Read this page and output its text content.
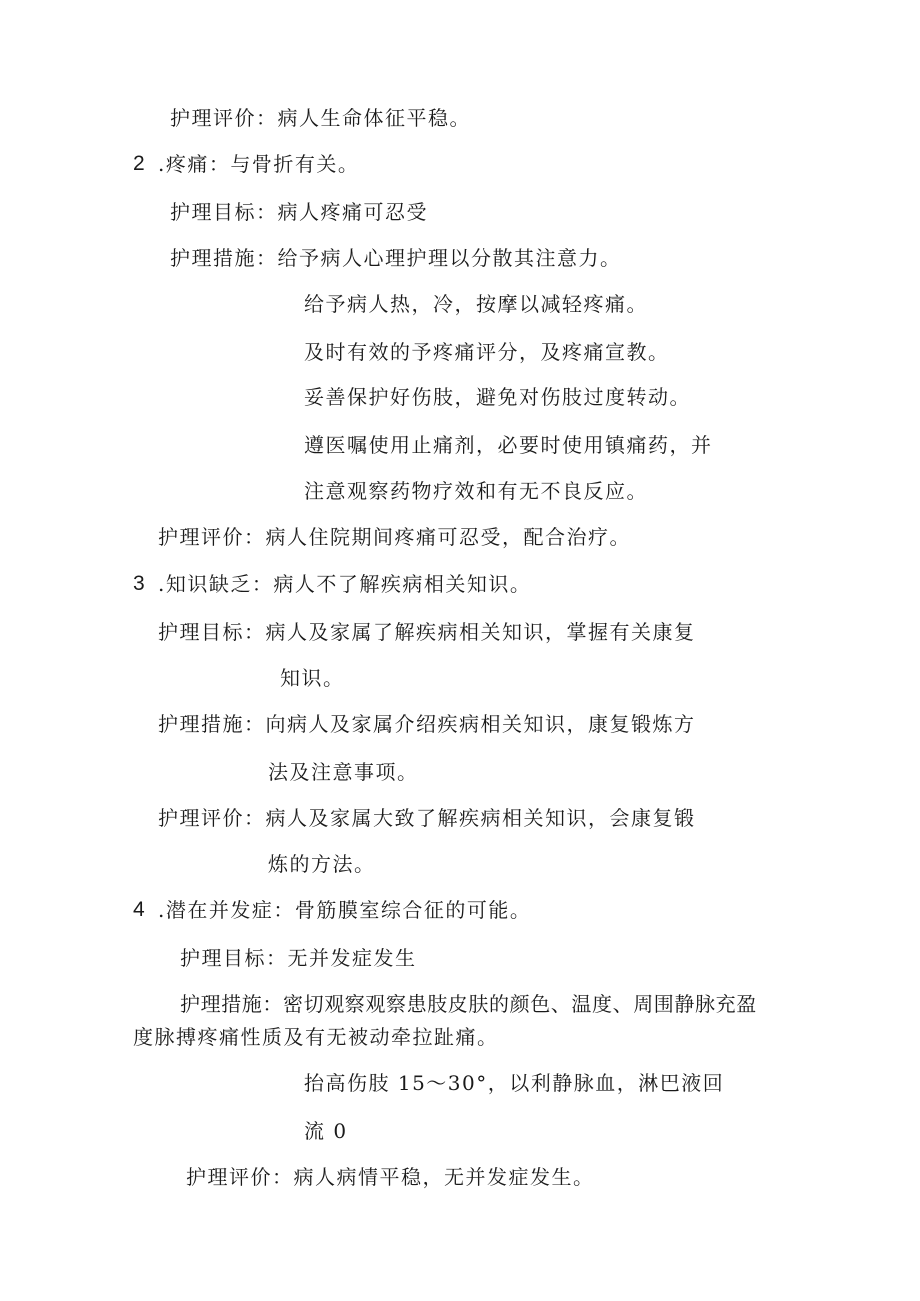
护理评价：病人生命体征平稳。
2 .疼痛：与骨折有关。
护理目标：病人疼痛可忍受
护理措施：给予病人心理护理以分散其注意力。
给予病人热，冷，按摩以减轻疼痛。
及时有效的予疼痛评分，及疼痛宣教。
妥善保护好伤肢，避免对伤肢过度转动。
遵医嘱使用止痛剂，必要时使用镇痛药，并
注意观察药物疗效和有无不良反应。
护理评价：病人住院期间疼痛可忍受，配合治疗。
3 .知识缺乏：病人不了解疾病相关知识。
护理目标：病人及家属了解疾病相关知识，掌握有关康复
知识。
护理措施：向病人及家属介绍疾病相关知识，康复锻炼方
法及注意事项。
护理评价：病人及家属大致了解疾病相关知识，会康复锻
炼的方法。
4 .潜在并发症：骨筋膜室综合征的可能。
护理目标：无并发症发生
护理措施：密切观察观察患肢皮肤的颜色、温度、周围静脉充盈
度脉搏疼痛性质及有无被动牵拉趾痛。
抬高伤肢 15～30°，以利静脉血，淋巴液回
流 0
护理评价：病人病情平稳，无并发症发生。
